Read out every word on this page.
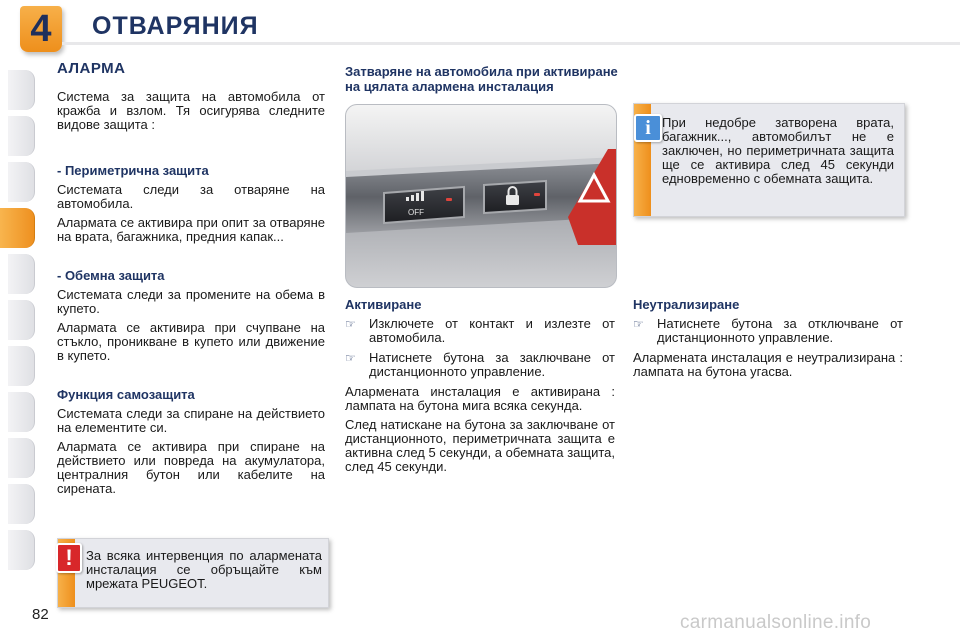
4	ОТВАРЯНИЯ
АЛАРМА

Система за защита на автомобила от кражба и взлом. Тя осигурява следните видове защита :

- Периметрична защита

Системата следи за отваряне на автомобила.

Алармата се активира при опит за отваряне на врата, багажника, предния капак...

- Обемна защита

Системата следи за промените на обема в купето.

Алармата се активира при счупване на стъкло, проникване в купето или движение в купето.

Функция самозащита

Системата следи за спиране на действието на елементите си.

Алармата се активира при спиране на действието или повреда на акумулатора, централния бутон или кабелите на сирената.

Затваряне на автомобила при активиране на цялата алармена инсталация
OFF
Активиране
☞	Изключете от контакт и излезте от автомобила.
☞	Натиснете бутона за заключване от дистанционното управление.

Алармената инсталация е активирана : лампата на бутона мига всяка секунда.

След натискане на бутона за заключване от дистанционното, периметричната защита е активна след 5 секунди, а обемната защита, след 45 секунди.

Неутрализиране
☞	Натиснете бутона за отключване от дистанционното управление.

Алармената инсталация е неутрализирана : лампата на бутона угасва.

i При недобре затворена врата, багажник..., автомобилът не е заключен, но периметричната защита ще се активира след 45 секунди едновременно с обемната защита.

!	За всяка интервенция по алармената инсталация се обръщайте към мрежата PEUGEOT.

82	carmanualsonline.info
